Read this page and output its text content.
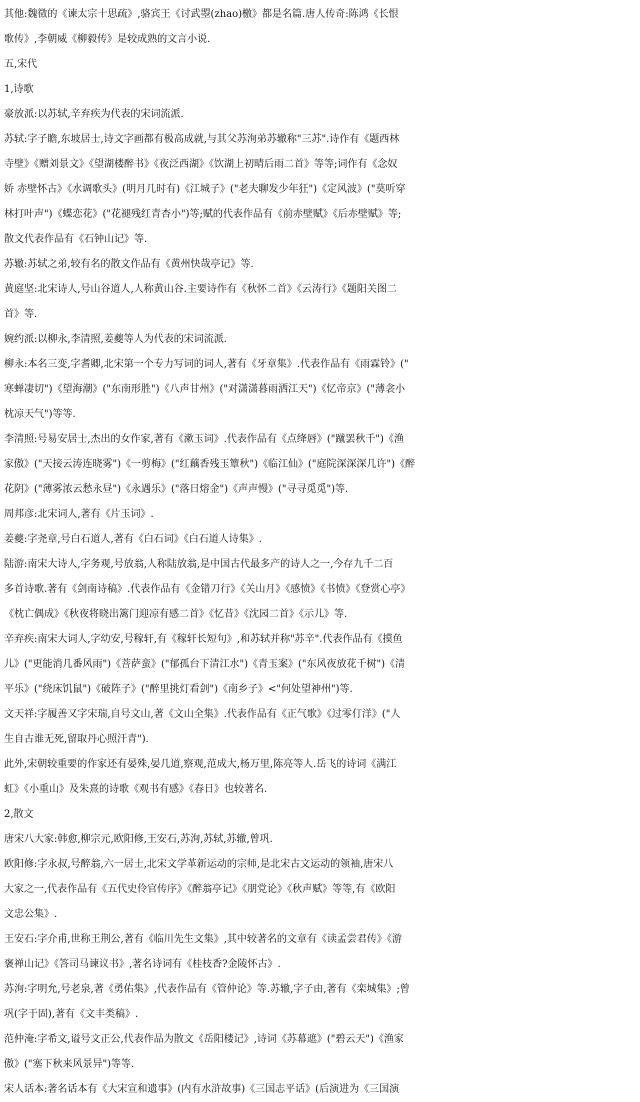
其他:魏徵的《谏太宗十思疏》,骆宾王《讨武曌(zhao)檄》都是名篇.唐人传奇:陈鸿《长恨
歌传》,李朝威《柳毅传》是较成熟的文言小说.
五,宋代
1,诗歌
豪放派:以苏轼,辛弃疾为代表的宋词流派.
苏轼:字子瞻,东坡居士,诗文字画都有极高成就,与其父苏洵弟苏辙称"三苏".诗作有《题西林
寺壁》《赠刘景文》《望湖楼醉书》《夜泛西湖》《饮湖上初晴后雨二首》等等;词作有《念奴
娇 赤壁怀古》《水调歌头》(明月几时有)《江城子》("老夫聊发少年狂")《定风波》("莫听穿
林打叶声")《蝶恋花》("花褪残红青杏小")等;赋的代表作品有《前赤壁赋》《后赤壁赋》等;
散文代表作品有《石钟山记》等.
苏辙:苏轼之弟,较有名的散文作品有《黄州快哉亭记》等.
黄庭坚:北宋诗人,号山谷道人,人称黄山谷.主要诗作有《秋怀二首》《云涛行》《题阳关图二
首》等.
婉约派:以柳永,李清照,姜夔等人为代表的宋词流派.
柳永:本名三变,字耆卿,北宋第一个专力写词的词人,著有《牙章集》.代表作品有《雨霖铃》("
寒蝉凄切")《望海潮》("东南形胜")《八声甘州》("对潇潇暮雨洒江天")《忆帝京》("薄衾小
枕凉天气")等等.
李清照:号易安居士,杰出的女作家,著有《漱玉词》.代表作品有《点绛唇》("蹴罢秋千")《渔
家傲》("天接云涛连晓雾")《一剪梅》("红藕香残玉簟秋")《临江仙》("庭院深深深几许")《醉
花阴》("薄雾浓云愁永昼")《永遇乐》("落日熔金")《声声慢》("寻寻觅觅")等.
周邦彦:北宋词人,著有《片玉词》.
姜夔:字尧章,号白石道人,著有《白石词》《白石道人诗集》.
陆游:南宋大诗人,字务观,号放翁,人称陆放翁,是中国古代最多产的诗人之一,今存九千二百
多首诗歌.著有《剑南诗稿》.代表作品有《金错刀行》《关山月》《感愤》《书愤》《登赏心亭》
《枕亡偶成》《秋夜将晓出篱门迎凉有感二首》《忆昔》《沈园二首》《示儿》等.
辛弃疾:南宋大词人,字幼安,号稼轩,有《稼轩长短句》,和苏轼并称"苏辛".代表作品有《摸鱼
儿》("更能消几番风雨")《菩萨蛮》("郁孤台下清江水")《青玉案》("东风夜放花千树")《清
平乐》("绕床饥鼠")《破阵子》("醉里挑灯看剑")《南乡子》<"何处望神州")等.
文天祥:字履善又字宋瑞,自号文山,著《文山全集》.代表作品有《正气歌》《过零仃洋》("人
生自古谁无死,留取丹心照汗青").
此外,宋朝较重要的作家还有晏殊,晏几道,察观,范成大,杨万里,陈亮等人.岳飞的诗词《满江
虹》《小重山》及朱熹的诗歌《观书有感》《春日》也较著名.
2,散文
唐宋八大家:韩愈,柳宗元,欧阳修,王安石,苏洵,苏轼,苏辙,曾巩.
欧阳修:字永叔,号醉翁,六一居士,北宋文学革新运动的宗师,是北宋古文运动的领袖,唐宋八
大家之一,代表作品有《五代史伶官传序》《醉翁亭记》《朋党论》《秋声赋》等等,有《欧阳
文忠公集》.
王安石:字介甫,世称王荆公,著有《临川先生文集》,其中较著名的文章有《读孟尝君传》《游
褒禅山记》《答司马谏议书》,著名诗词有《桂枝香?金陵怀古》.
苏洵:字明允,号老泉,著《勇佑集》,代表作品有《管仲论》等.苏辙,字子由,著有《栾城集》;曾
巩(字于固),著有《文丰类稿》.
范仲淹:字希文,谥号文正公,代表作品为散文《岳阳楼记》,诗词《苏幕遮》("碧云天")《渔家
傲》("塞下秋来风景异")等等.
宋人话本:著名话本有《大宋宣和遗事》(内有水浒故事)《三国志平话》(后演进为《三国演
